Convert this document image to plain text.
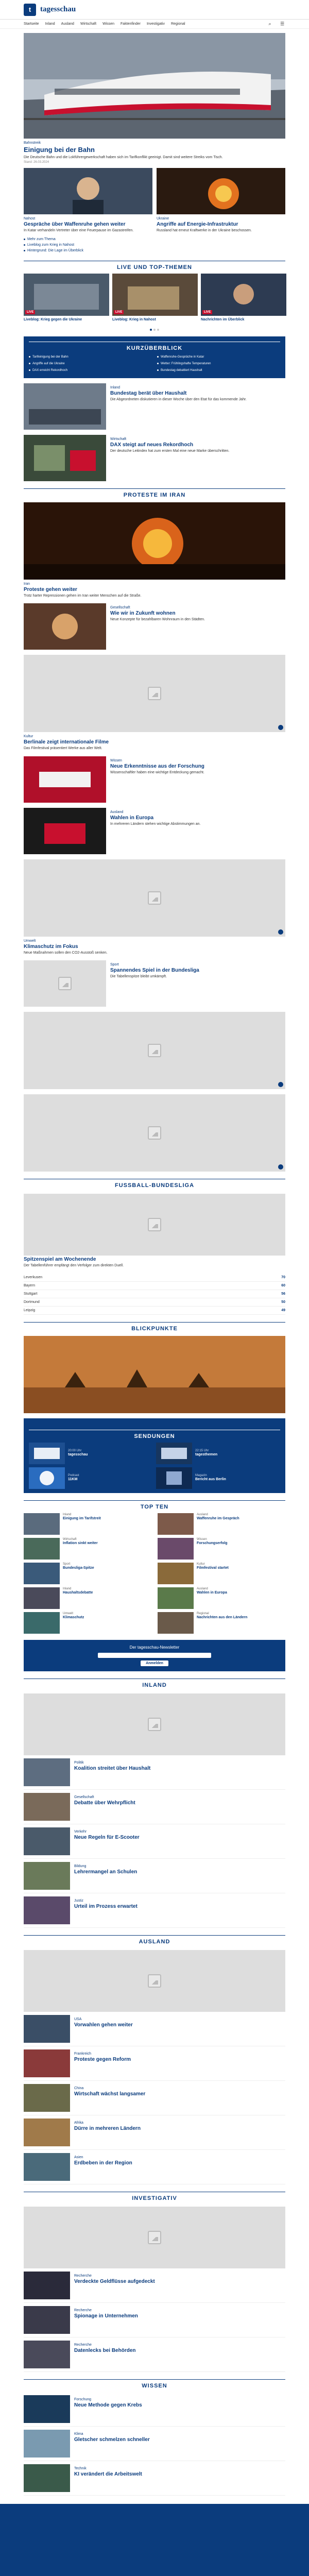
t tagesschau
Startseite Inland Ausland Wirtschaft Wissen Faktenfinder Investigativ Regional	⌕	☰
Bahnstreik
Einigung bei der Bahn
Die Deutsche Bahn und die Lokführergewerkschaft haben sich im Tarifkonflikt geeinigt. Damit sind weitere Streiks vom Tisch.
Stand: 26.03.2024
Nahost
Gespräche über Waffenruhe gehen weiter
In Katar verhandeln Vertreter über eine Feuerpause im Gazastreifen.
Ukraine
Angriffe auf Energie-Infrastruktur
Russland hat erneut Kraftwerke in der Ukraine beschossen.
Mehr zum Thema
Liveblog zum Krieg in Nahost
Hintergrund: Die Lage im Überblick
LIVE UND TOP-THEMEN
LIVE
Liveblog: Krieg gegen die Ukraine
LIVE
Liveblog: Krieg in Nahost
LIVE
Nachrichten im Überblick
KURZÜBERBLICK
Tarifeinigung bei der Bahn	Waffenruhe-Gespräche in Katar
Angriffe auf die Ukraine	Wetter: Frühlingshafte Temperaturen
DAX erreicht Rekordhoch	Bundestag debattiert Haushalt
Inland
Bundestag berät über Haushalt
Die Abgeordneten diskutieren in dieser Woche über den Etat für das kommende Jahr.
Wirtschaft
DAX steigt auf neues Rekordhoch
Der deutsche Leitindex hat zum ersten Mal eine neue Marke überschritten.
PROTESTE IM IRAN
Iran
Proteste gehen weiter
Trotz harter Repressionen gehen im Iran weiter Menschen auf die Straße.
Gesellschaft
Wie wir in Zukunft wohnen
Neue Konzepte für bezahlbaren Wohnraum in den Städten.
Kultur
Berlinale zeigt internationale Filme
Das Filmfestival präsentiert Werke aus aller Welt.
Wissen
Neue Erkenntnisse aus der Forschung
Wissenschaftler haben eine wichtige Entdeckung gemacht.
Ausland
Wahlen in Europa
In mehreren Ländern stehen wichtige Abstimmungen an.
Umwelt
Klimaschutz im Fokus
Neue Maßnahmen sollen den CO2-Ausstoß senken.
Sport
Spannendes Spiel in der Bundesliga
Die Tabellenspitze bleibt umkämpft.
FUSSBALL-BUNDESLIGA
Spitzenspiel am Wochenende
Der Tabellenführer empfängt den Verfolger zum direkten Duell.
Leverkusen	70
Bayern	60
Stuttgart	56
Dortmund	50
Leipzig	49
BLICKPUNKTE
SENDUNGEN
20:00 Uhr
tagesschau
22:15 Uhr
tagesthemen
Podcast
11KM
Magazin
Bericht aus Berlin
TOP TEN
Inland
Einigung im Tarifstreit
Ausland
Waffenruhe im Gespräch
Wirtschaft
Inflation sinkt weiter
Wissen
Forschungserfolg
Sport
Bundesliga-Spitze
Kultur
Filmfestival startet
Inland
Haushaltsdebatte
Ausland
Wahlen in Europa
Umwelt
Klimaschutz
Regional
Nachrichten aus den Ländern
Der tagesschau-Newsletter
Anmelden
INLAND
Politik
Koalition streitet über Haushalt
Gesellschaft
Debatte über Wehrpflicht
Verkehr
Neue Regeln für E-Scooter
Bildung
Lehrermangel an Schulen
Justiz
Urteil im Prozess erwartet
AUSLAND
USA
Vorwahlen gehen weiter
Frankreich
Proteste gegen Reform
China
Wirtschaft wächst langsamer
Afrika
Dürre in mehreren Ländern
Asien
Erdbeben in der Region
INVESTIGATIV
Recherche
Verdeckte Geldflüsse aufgedeckt
Recherche
Spionage in Unternehmen
Recherche
Datenlecks bei Behörden
WISSEN
Forschung
Neue Methode gegen Krebs
Klima
Gletscher schmelzen schneller
Technik
KI verändert die Arbeitswelt
